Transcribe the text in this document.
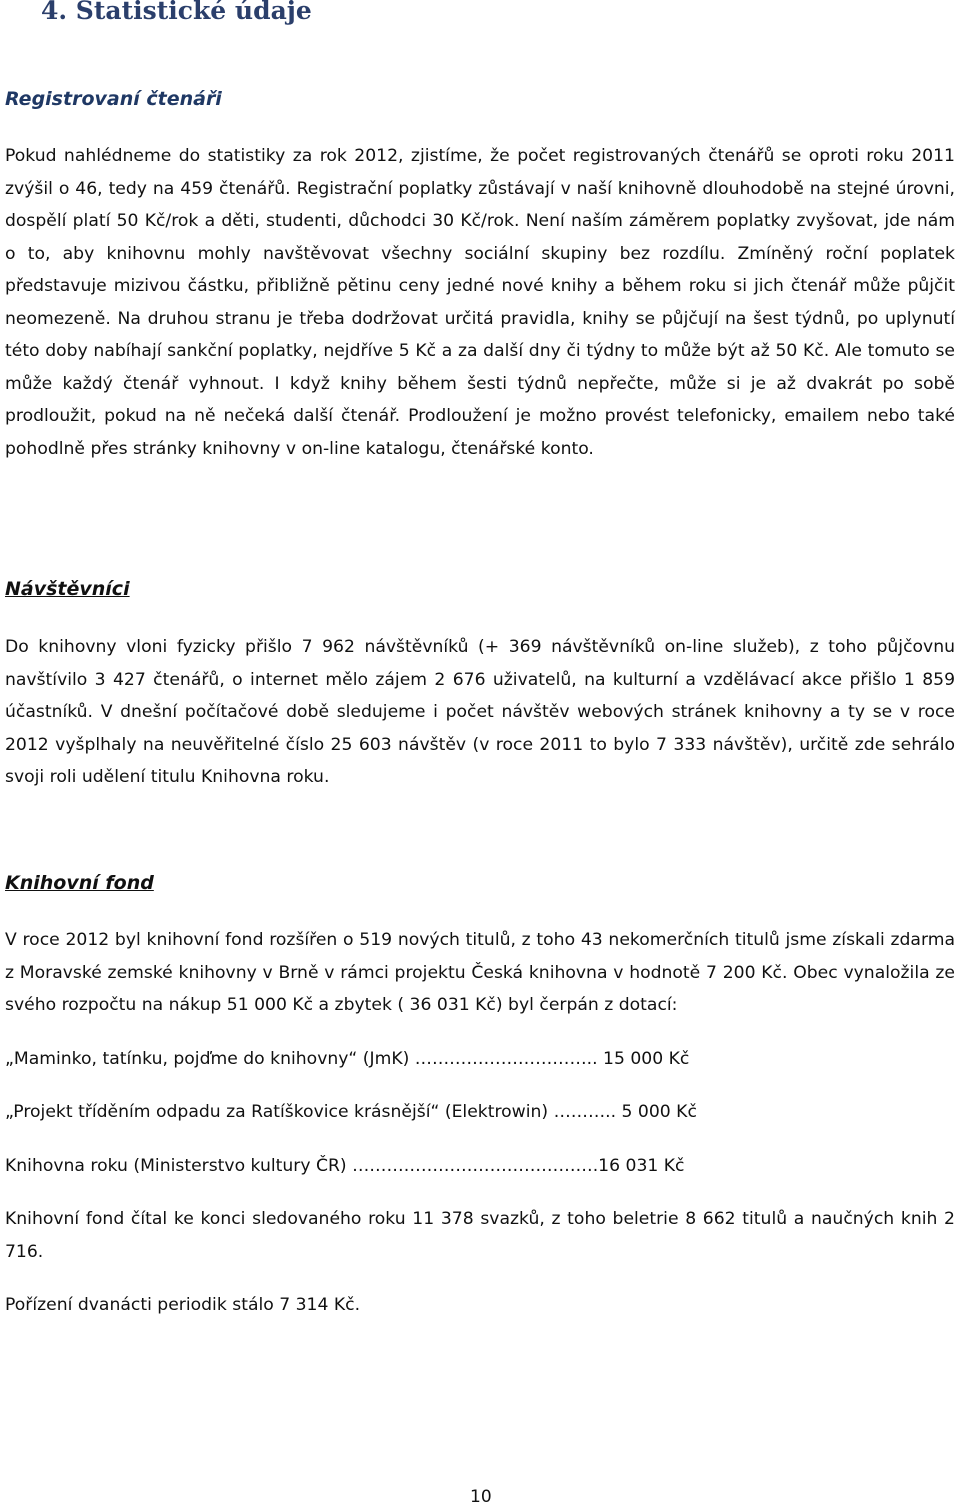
4. Statistické údaje
Registrovaní čtenáři

Pokud nahlédneme do statistiky za rok 2012, zjistíme, že počet registrovaných čtenářů se oproti roku 2011 zvýšil o 46, tedy na 459 čtenářů. Registrační poplatky zůstávají v naší knihovně dlouhodobě na stejné úrovni, dospělí platí 50 Kč/rok a děti, studenti, důchodci 30 Kč/rok. Není naším záměrem poplatky zvyšovat, jde nám o to, aby knihovnu mohly navštěvovat všechny sociální skupiny bez rozdílu. Zmíněný roční poplatek představuje mizivou částku, přibližně pětinu ceny jedné nové knihy a během roku si jich čtenář může půjčit neomezeně. Na druhou stranu je třeba dodržovat určitá pravidla, knihy se půjčují na šest týdnů, po uplynutí této doby nabíhají sankční poplatky, nejdříve 5 Kč a za další dny či týdny to může být až 50 Kč. Ale tomuto se může každý čtenář vyhnout. I když knihy během šesti týdnů nepřečte, může si je až dvakrát po sobě prodloužit, pokud na ně nečeká další čtenář. Prodloužení je možno provést telefonicky, emailem nebo také pohodlně přes stránky knihovny v on-line katalogu, čtenářské konto.

Návštěvníci

Do knihovny vloni fyzicky přišlo 7 962 návštěvníků (+ 369 návštěvníků on-line služeb), z toho půjčovnu navštívilo 3 427 čtenářů, o internet mělo zájem 2 676 uživatelů, na kulturní a vzdělávací akce přišlo 1 859 účastníků. V dnešní počítačové době sledujeme i počet návštěv webových stránek knihovny a ty se v roce 2012 vyšplhaly na neuvěřitelné číslo 25 603 návštěv (v roce 2011 to bylo 7 333 návštěv), určitě zde sehrálo svoji roli udělení titulu Knihovna roku.

Knihovní fond

V roce 2012 byl knihovní fond rozšířen o 519 nových titulů, z toho 43 nekomerčních titulů jsme získali zdarma z Moravské zemské knihovny v Brně v rámci projektu Česká knihovna v hodnotě 7 200 Kč. Obec vynaložila ze svého rozpočtu na nákup 51 000 Kč a zbytek ( 36 031 Kč) byl čerpán z dotací:

„Maminko, tatínku, pojďme do knihovny“ (JmK) ………………………….. 15 000 Kč

„Projekt tříděním odpadu za Ratíškovice krásnější“ (Elektrowin) ……….. 5 000 Kč

Knihovna roku (Ministerstvo kultury ČR) …………………………………….16 031 Kč

Knihovní fond čítal ke konci sledovaného roku 11 378 svazků, z toho beletrie 8 662 titulů a naučných knih 2 716.

Pořízení dvanácti periodik stálo 7 314 Kč.

10
